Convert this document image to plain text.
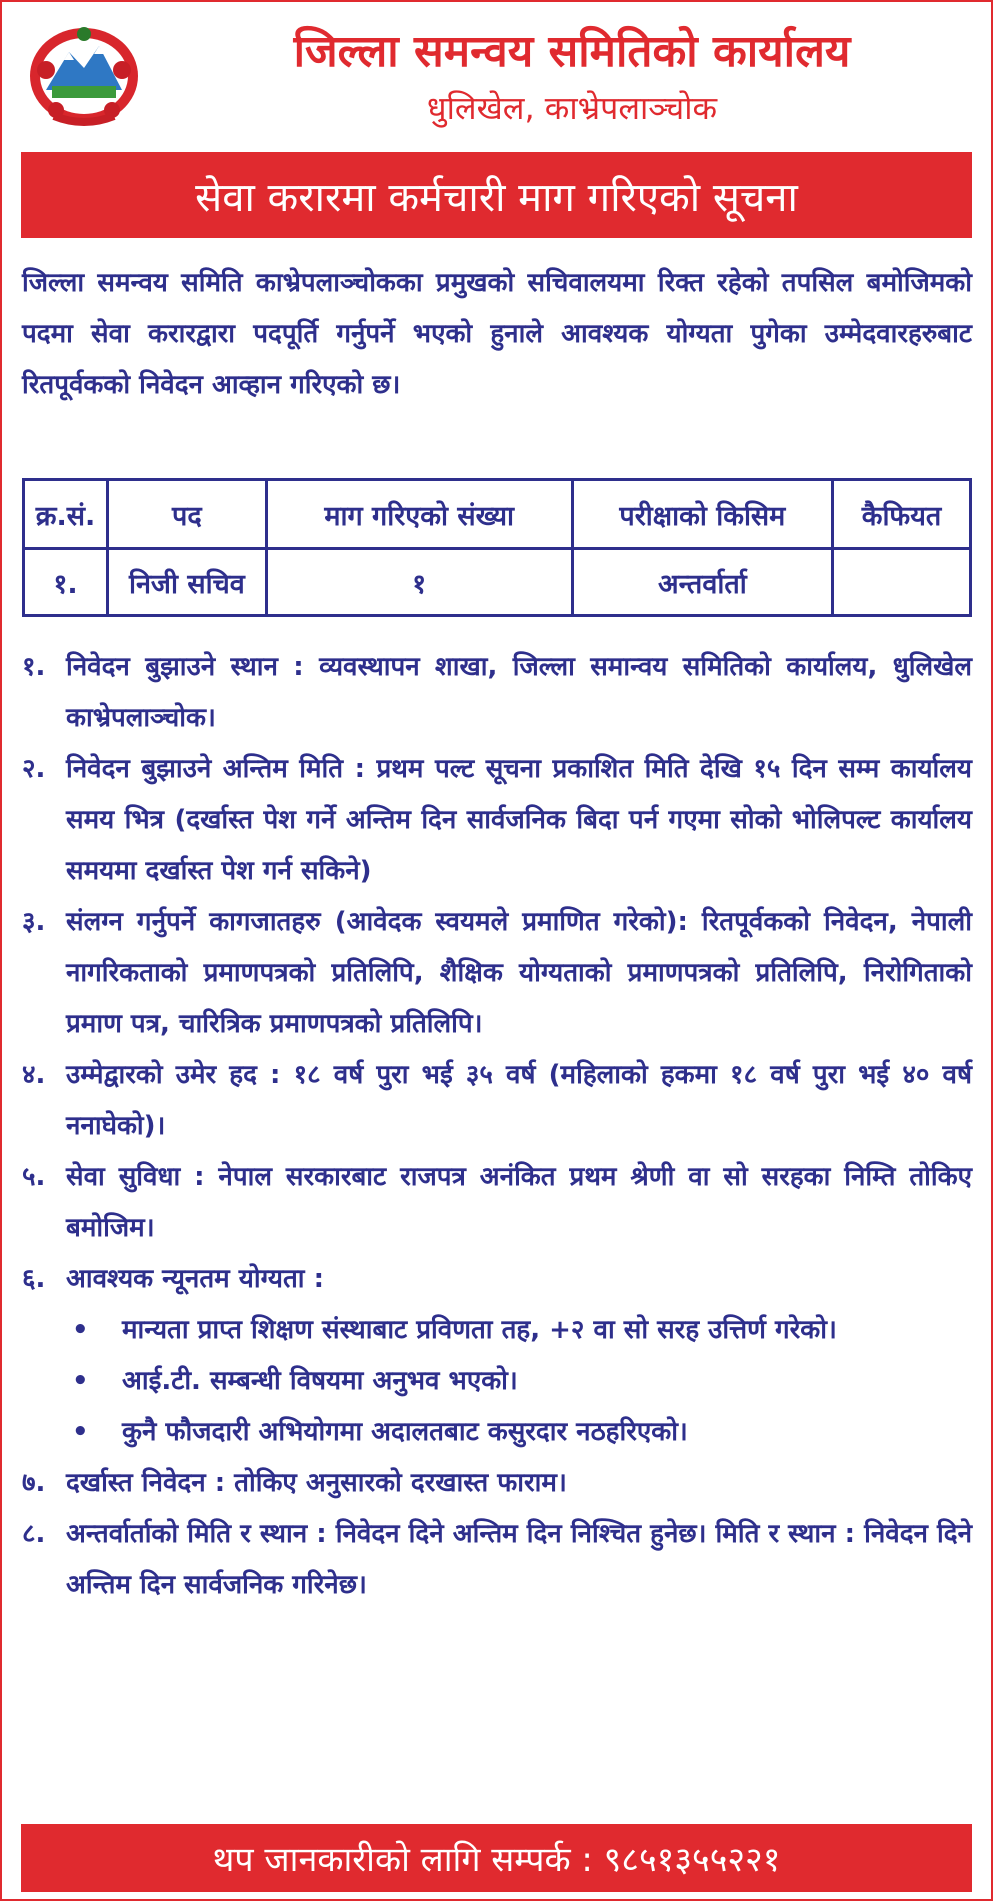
जिल्ला समन्वय समितिको कार्यालय
धुलिखेल, काभ्रेपलाञ्चोक
सेवा करारमा कर्मचारी माग गरिएको सूचना
जिल्ला समन्वय समिति काभ्रेपलाञ्चोकका प्रमुखको सचिवालयमा रिक्त रहेको तपसिल बमोजिमको पदमा सेवा करारद्वारा पदपूर्ति गर्नुपर्ने भएको हुनाले आवश्यक योग्यता पुगेका उम्मेदवारहरुबाट रितपूर्वकको निवेदन आव्हान गरिएको छ।
क्र.सं.	पद	माग गरिएको संख्या	परीक्षाको किसिम	कैफियत
१.	निजी सचिव	१	अन्तर्वार्ता	
१. निवेदन बुझाउने स्थान : व्यवस्थापन शाखा, जिल्ला समान्वय समितिको कार्यालय, धुलिखेल काभ्रेपलाञ्चोक।
२. निवेदन बुझाउने अन्तिम मिति : प्रथम पल्ट सूचना प्रकाशित मिति देखि १५ दिन सम्म कार्यालय समय भित्र (दर्खास्त पेश गर्ने अन्तिम दिन सार्वजनिक बिदा पर्न गएमा सोको भोलिपल्ट कार्यालय समयमा दर्खास्त पेश गर्न सकिने)
३. संलग्न गर्नुपर्ने कागजातहरु (आवेदक स्वयमले प्रमाणित गरेको): रितपूर्वकको निवेदन, नेपाली नागरिकताको प्रमाणपत्रको प्रतिलिपि, शैक्षिक योग्यताको प्रमाणपत्रको प्रतिलिपि, निरोगिताको प्रमाण पत्र, चारित्रिक प्रमाणपत्रको प्रतिलिपि।
४. उम्मेद्वारको उमेर हद : १८ वर्ष पुरा भई ३५ वर्ष (महिलाको हकमा १८ वर्ष पुरा भई ४० वर्ष ननाघेको)।
५. सेवा सुविधा : नेपाल सरकारबाट राजपत्र अनंकित प्रथम श्रेणी वा सो सरहका निम्ति तोकिए बमोजिम।
६. आवश्यक न्यूनतम योग्यता :
• मान्यता प्राप्त शिक्षण संस्थाबाट प्रविणता तह, +२ वा सो सरह उत्तिर्ण गरेको।
• आई.टी. सम्बन्धी विषयमा अनुभव भएको।
• कुनै फौजदारी अभियोगमा अदालतबाट कसुरदार नठहरिएको।
७. दर्खास्त निवेदन : तोकिए अनुसारको दरखास्त फाराम।
८. अन्तर्वार्ताको मिति र स्थान : निवेदन दिने अन्तिम दिन निश्चित हुनेछ। मिति र स्थान : निवेदन दिने अन्तिम दिन सार्वजनिक गरिनेछ।
थप जानकारीको लागि सम्पर्क : ९८५१३५५२२१
